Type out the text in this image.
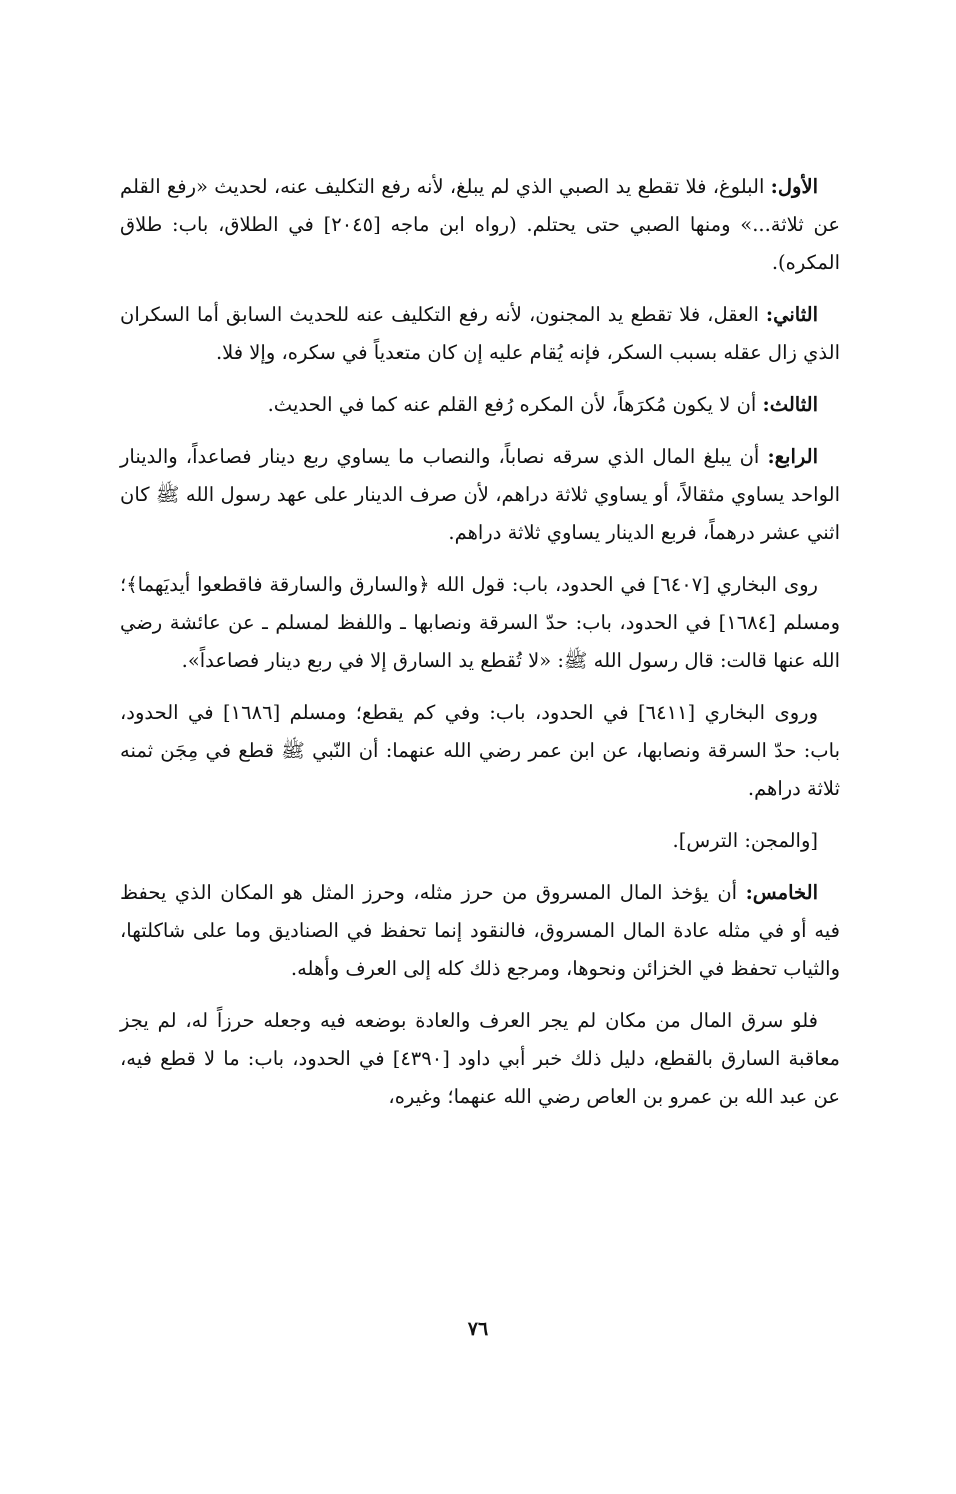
الأول: البلوغ، فلا تقطع يد الصبي الذي لم يبلغ، لأنه رفع التكليف عنه، لحديث «رفع القلم عن ثلاثة...» ومنها الصبي حتى يحتلم. (رواه ابن ماجه [٢٠٤٥] في الطلاق، باب: طلاق المكره).

الثاني: العقل، فلا تقطع يد المجنون، لأنه رفع التكليف عنه للحديث السابق أما السكران الذي زال عقله بسبب السكر، فإنه يُقام عليه إن كان متعدياً في سكره، وإلا فلا.

الثالث: أن لا يكون مُكرَهاً، لأن المكره رُفع القلم عنه كما في الحديث.

الرابع: أن يبلغ المال الذي سرقه نصاباً، والنصاب ما يساوي ربع دينار فصاعداً، والدينار الواحد يساوي مثقالاً، أو يساوي ثلاثة دراهم، لأن صرف الدينار على عهد رسول الله ﷺ كان اثني عشر درهماً، فربع الدينار يساوي ثلاثة دراهم.

روى البخاري [٦٤٠٧] في الحدود، باب: قول الله ﴿والسارق والسارقة فاقطعوا أيديَهما﴾؛ ومسلم [١٦٨٤] في الحدود، باب: حدّ السرقة ونصابها ـ واللفظ لمسلم ـ عن عائشة رضي الله عنها قالت: قال رسول الله ﷺ: «لا تُقطع يد السارق إلا في ربع دينار فصاعداً».

وروى البخاري [٦٤١١] في الحدود، باب: وفي كم يقطع؛ ومسلم [١٦٨٦] في الحدود، باب: حدّ السرقة ونصابها، عن ابن عمر رضي الله عنهما: أن النّبي ﷺ قطع في مِجَن ثمنه ثلاثة دراهم.

[والمجن: الترس].

الخامس: أن يؤخذ المال المسروق من حرز مثله، وحرز المثل هو المكان الذي يحفظ فيه أو في مثله عادة المال المسروق، فالنقود إنما تحفظ في الصناديق وما على شاكلتها، والثياب تحفظ في الخزائن ونحوها، ومرجع ذلك كله إلى العرف وأهله.

فلو سرق المال من مكان لم يجر العرف والعادة بوضعه فيه وجعله حرزاً له، لم يجز معاقبة السارق بالقطع، دليل ذلك خبر أبي داود [٤٣٩٠] في الحدود، باب: ما لا قطع فيه، عن عبد الله بن عمرو بن العاص رضي الله عنهما؛ وغيره،

٧٦
